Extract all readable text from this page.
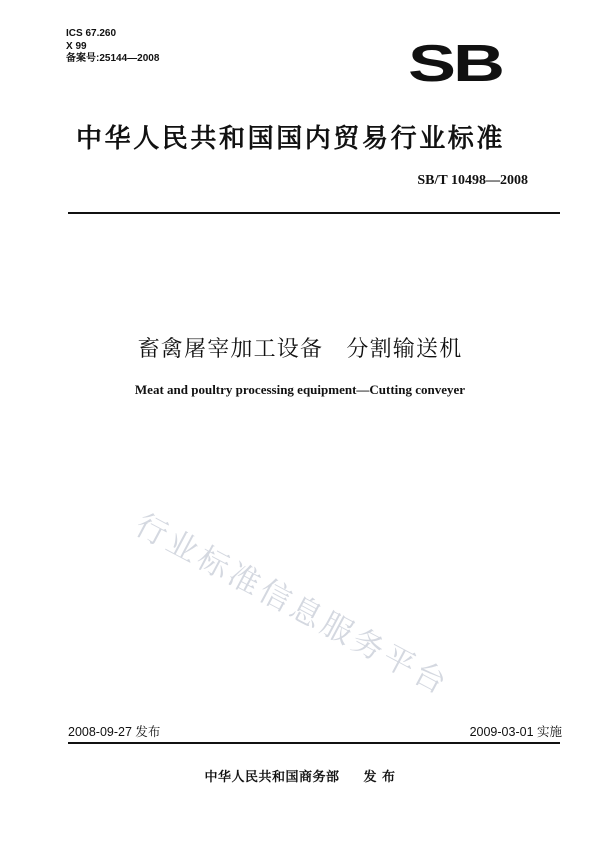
ICS 67.260
X 99
备案号:25144—2008	SB
中华人民共和国国内贸易行业标准
SB/T 10498—2008
畜禽屠宰加工设备　分割输送机
Meat and poultry processing equipment—Cutting conveyer
行业标准信息服务平台
2008-09-27 发布	2009-03-01 实施
中华人民共和国商务部 发 布
